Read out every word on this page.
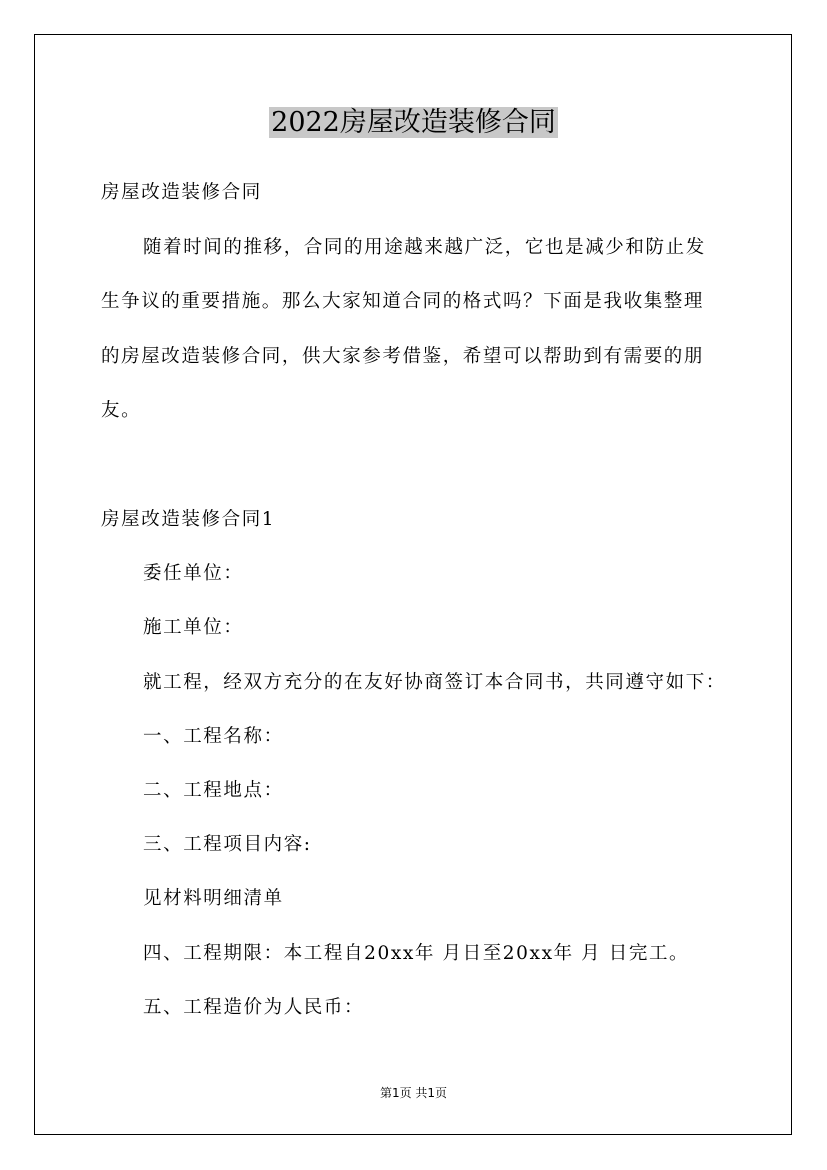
2022房屋改造装修合同
房屋改造装修合同
随着时间的推移，合同的用途越来越广泛，它也是减少和防止发
生争议的重要措施。那么大家知道合同的格式吗？下面是我收集整理
的房屋改造装修合同，供大家参考借鉴，希望可以帮助到有需要的朋
友。
房屋改造装修合同1
委任单位：
施工单位：
就工程，经双方充分的在友好协商签订本合同书，共同遵守如下：
一、工程名称：
二、工程地点：
三、工程项目内容:
见材料明细清单
四、工程期限：本工程自20xx年 月日至20xx年 月 日完工。
五、工程造价为人民币：
第1页 共1页
